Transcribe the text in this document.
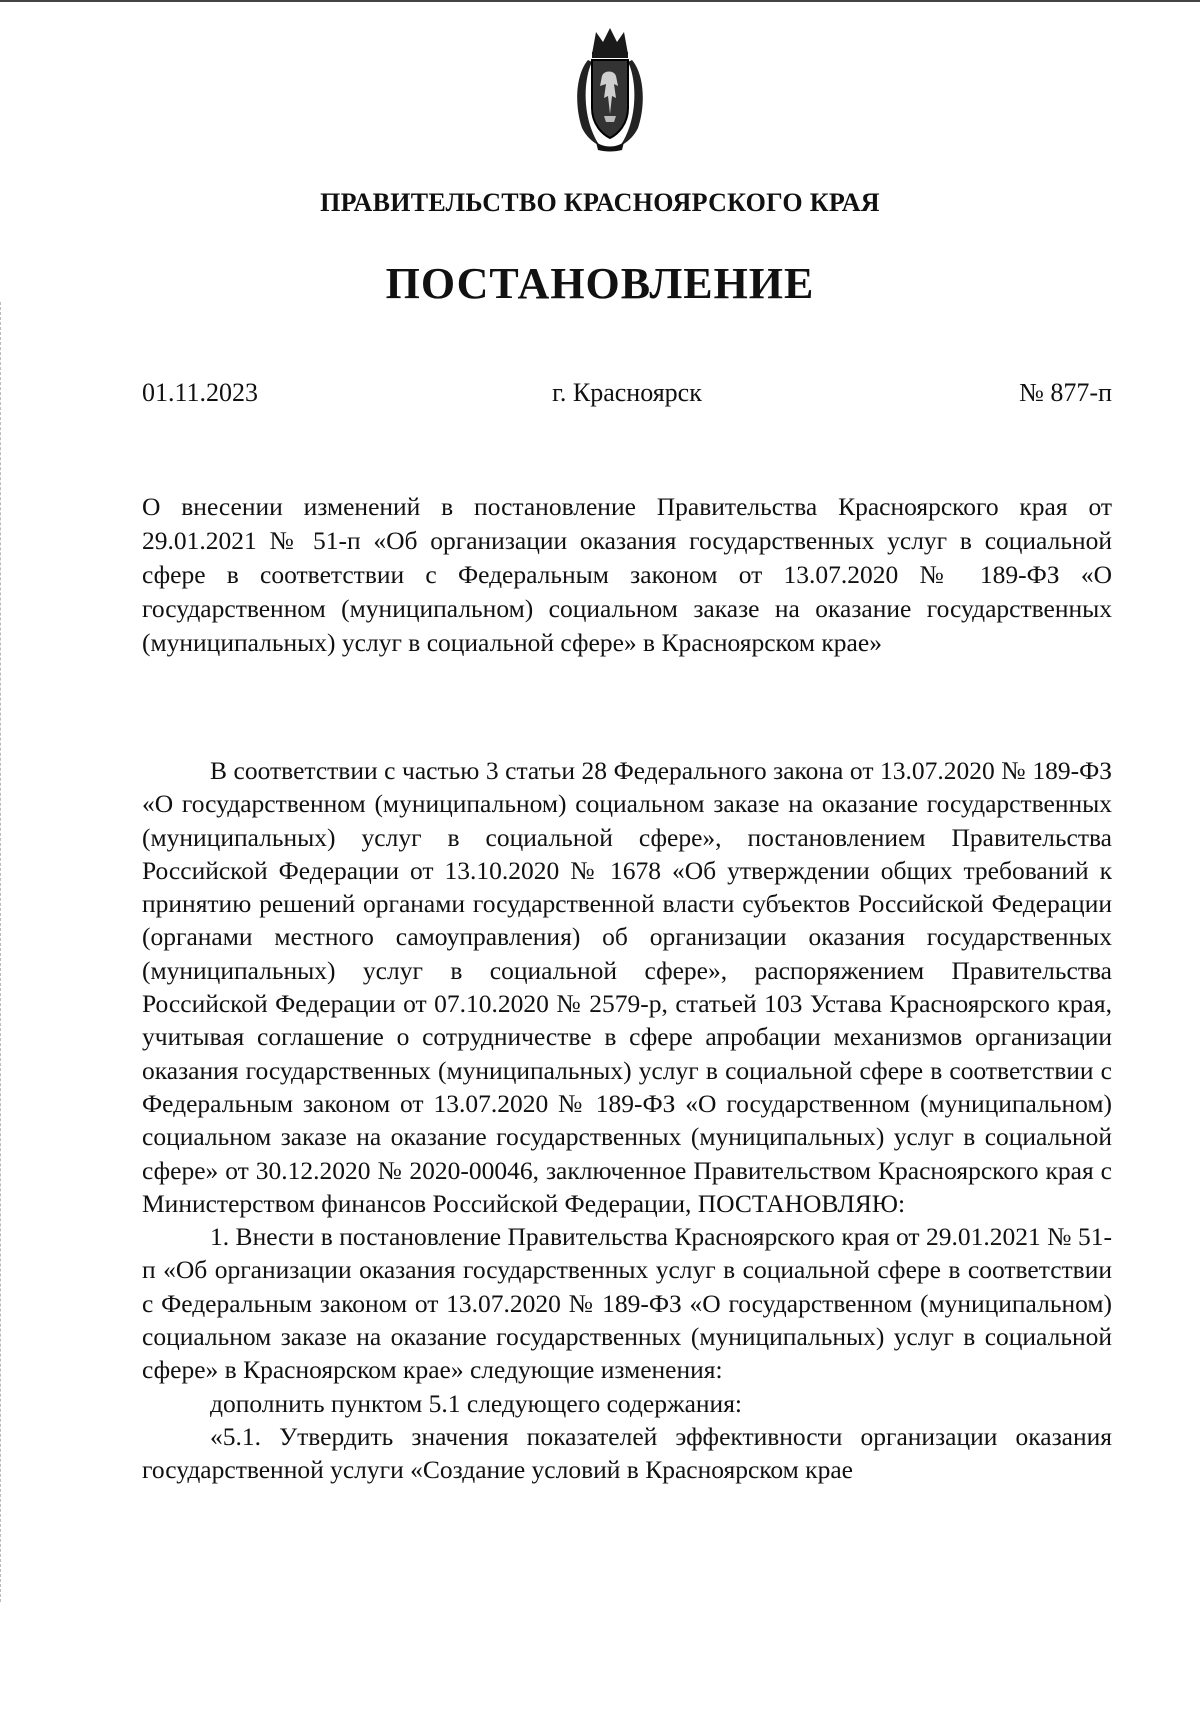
ПРАВИТЕЛЬСТВО КРАСНОЯРСКОГО КРАЯ
ПОСТАНОВЛЕНИЕ
01.11.2023	г. Красноярск	№ 877-п
О внесении изменений в постановление Правительства Красноярского края от 29.01.2021 № 51-п «Об организации оказания государственных услуг в социальной сфере в соответствии с Федеральным законом от 13.07.2020 № 189-ФЗ «О государственном (муниципальном) социальном заказе на оказание государственных (муниципальных) услуг в социальной сфере» в Красноярском крае»

В соответствии с частью 3 статьи 28 Федерального закона от 13.07.2020 № 189-ФЗ «О государственном (муниципальном) социальном заказе на оказание государственных (муниципальных) услуг в социальной сфере», постановлением Правительства Российской Федерации от 13.10.2020 № 1678 «Об утверждении общих требований к принятию решений органами государственной власти субъектов Российской Федерации (органами местного самоуправления) об организации оказания государственных (муниципальных) услуг в социальной сфере», распоряжением Правительства Российской Федерации от 07.10.2020 № 2579-р, статьей 103 Устава Красноярского края, учитывая соглашение о сотрудничестве в сфере апробации механизмов организации оказания государственных (муниципальных) услуг в социальной сфере в соответствии с Федеральным законом от 13.07.2020 № 189-ФЗ «О государственном (муниципальном) социальном заказе на оказание государственных (муниципальных) услуг в социальной сфере» от 30.12.2020 № 2020-00046, заключенное Правительством Красноярского края с Министерством финансов Российской Федерации, ПОСТАНОВЛЯЮ:

1. Внести в постановление Правительства Красноярского края от 29.01.2021 № 51-п «Об организации оказания государственных услуг в социальной сфере в соответствии с Федеральным законом от 13.07.2020 № 189-ФЗ «О государственном (муниципальном) социальном заказе на оказание государственных (муниципальных) услуг в социальной сфере» в Красноярском крае» следующие изменения:

дополнить пунктом 5.1 следующего содержания:

«5.1. Утвердить значения показателей эффективности организации оказания государственной услуги «Создание условий в Красноярском крае
